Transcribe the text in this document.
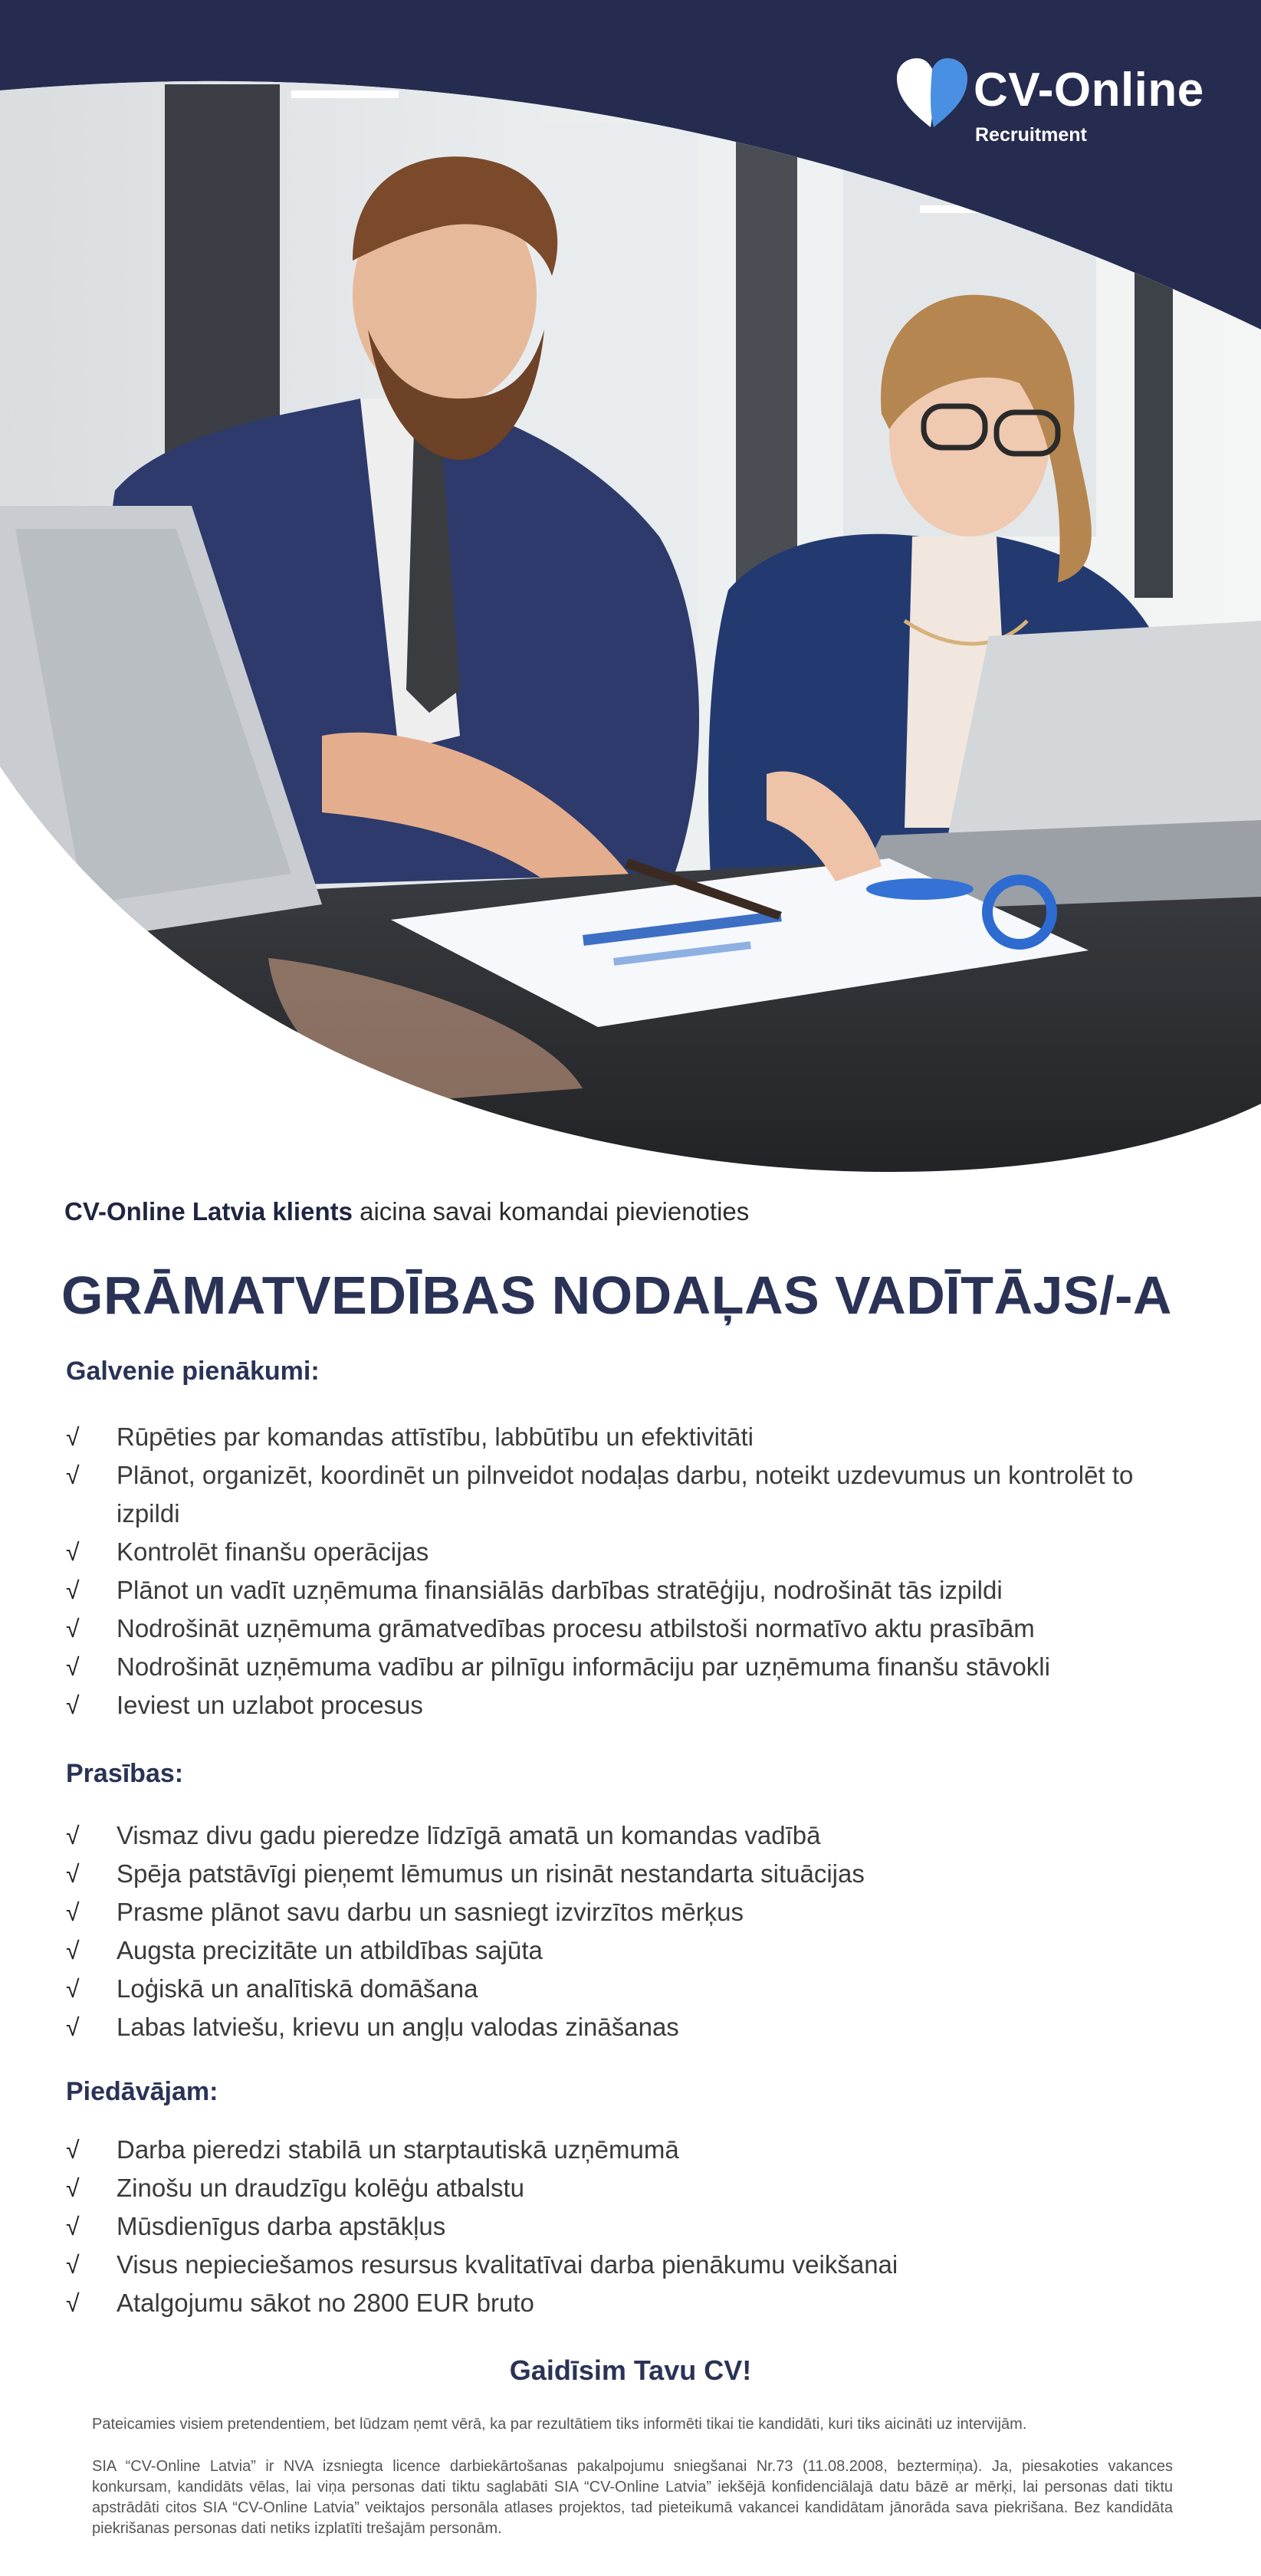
CV-Online
Recruitment
CV-Online Latvia klients aicina savai komandai pievienoties
GRĀMATVEDĪBAS NODAĻAS VADĪTĀJS/-A
Galvenie pienākumi:
√ Rūpēties par komandas attīstību, labbūtību un efektivitāti
√ Plānot, organizēt, koordinēt un pilnveidot nodaļas darbu, noteikt uzdevumus un kontrolēt to izpildi
√ Kontrolēt finanšu operācijas
√ Plānot un vadīt uzņēmuma finansiālās darbības stratēģiju, nodrošināt tās izpildi
√ Nodrošināt uzņēmuma grāmatvedības procesu atbilstoši normatīvo aktu prasībām
√ Nodrošināt uzņēmuma vadību ar pilnīgu informāciju par uzņēmuma finanšu stāvokli
√ Ieviest un uzlabot procesus
Prasības:
√ Vismaz divu gadu pieredze līdzīgā amatā un komandas vadībā
√ Spēja patstāvīgi pieņemt lēmumus un risināt nestandarta situācijas
√ Prasme plānot savu darbu un sasniegt izvirzītos mērķus
√ Augsta precizitāte un atbildības sajūta
√ Loģiskā un analītiskā domāšana
√ Labas latviešu, krievu un angļu valodas zināšanas
Piedāvājam:
√ Darba pieredzi stabilā un starptautiskā uzņēmumā
√ Zinošu un draudzīgu kolēģu atbalstu
√ Mūsdienīgus darba apstākļus
√ Visus nepieciešamos resursus kvalitatīvai darba pienākumu veikšanai
√ Atalgojumu sākot no 2800 EUR bruto
Gaidīsim Tavu CV!
Pateicamies visiem pretendentiem, bet lūdzam ņemt vērā, ka par rezultātiem tiks informēti tikai tie kandidāti, kuri tiks aicināti uz intervijām.
SIA “CV-Online Latvia” ir NVA izsniegta licence darbiekārtošanas pakalpojumu sniegšanai Nr.73 (11.08.2008, beztermiņa). Ja, piesakoties vakances konkursam, kandidāts vēlas, lai viņa personas dati tiktu saglabāti SIA “CV-Online Latvia” iekšējā konfidenciālajā datu bāzē ar mērķi, lai personas dati tiktu apstrādāti citos SIA “CV-Online Latvia” veiktajos personāla atlases projektos, tad pieteikumā vakancei kandidātam jānorāda sava piekrišana. Bez kandidāta piekrišanas personas dati netiks izplatīti trešajām personām.
